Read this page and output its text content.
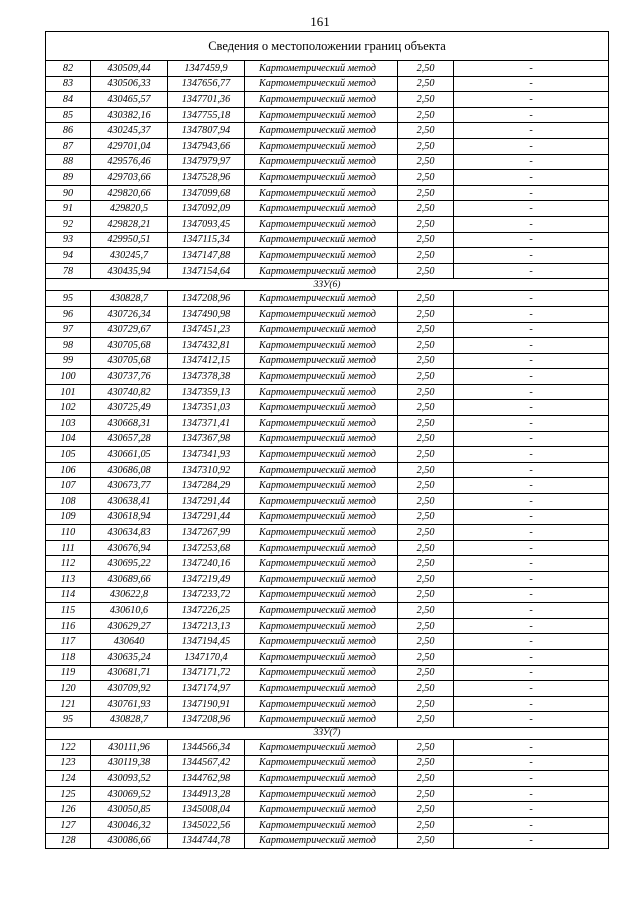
161
Сведения о местоположении границ объекта					
82	430509,44	1347459,9	Картометрический метод	2,50	-
83	430506,33	1347656,77	Картометрический метод	2,50	-
84	430465,57	1347701,36	Картометрический метод	2,50	-
85	430382,16	1347755,18	Картометрический метод	2,50	-
86	430245,37	1347807,94	Картометрический метод	2,50	-
87	429701,04	1347943,66	Картометрический метод	2,50	-
88	429576,46	1347979,97	Картометрический метод	2,50	-
89	429703,66	1347528,96	Картометрический метод	2,50	-
90	429820,66	1347099,68	Картометрический метод	2,50	-
91	429820,5	1347092,09	Картометрический метод	2,50	-
92	429828,21	1347093,45	Картометрический метод	2,50	-
93	429950,51	1347115,34	Картометрический метод	2,50	-
94	430245,7	1347147,88	Картометрический метод	2,50	-
78	430435,94	1347154,64	Картометрический метод	2,50	-
3ЗУ(6)					
95	430828,7	1347208,96	Картометрический метод	2,50	-
96	430726,34	1347490,98	Картометрический метод	2,50	-
97	430729,67	1347451,23	Картометрический метод	2,50	-
98	430705,68	1347432,81	Картометрический метод	2,50	-
99	430705,68	1347412,15	Картометрический метод	2,50	-
100	430737,76	1347378,38	Картометрический метод	2,50	-
101	430740,82	1347359,13	Картометрический метод	2,50	-
102	430725,49	1347351,03	Картометрический метод	2,50	-
103	430668,31	1347371,41	Картометрический метод	2,50	-
104	430657,28	1347367,98	Картометрический метод	2,50	-
105	430661,05	1347341,93	Картометрический метод	2,50	-
106	430686,08	1347310,92	Картометрический метод	2,50	-
107	430673,77	1347284,29	Картометрический метод	2,50	-
108	430638,41	1347291,44	Картометрический метод	2,50	-
109	430618,94	1347291,44	Картометрический метод	2,50	-
110	430634,83	1347267,99	Картометрический метод	2,50	-
111	430676,94	1347253,68	Картометрический метод	2,50	-
112	430695,22	1347240,16	Картометрический метод	2,50	-
113	430689,66	1347219,49	Картометрический метод	2,50	-
114	430622,8	1347233,72	Картометрический метод	2,50	-
115	430610,6	1347226,25	Картометрический метод	2,50	-
116	430629,27	1347213,13	Картометрический метод	2,50	-
117	430640	1347194,45	Картометрический метод	2,50	-
118	430635,24	1347170,4	Картометрический метод	2,50	-
119	430681,71	1347171,72	Картометрический метод	2,50	-
120	430709,92	1347174,97	Картометрический метод	2,50	-
121	430761,93	1347190,91	Картометрический метод	2,50	-
95	430828,7	1347208,96	Картометрический метод	2,50	-
3ЗУ(7)					
122	430111,96	1344566,34	Картометрический метод	2,50	-
123	430119,38	1344567,42	Картометрический метод	2,50	-
124	430093,52	1344762,98	Картометрический метод	2,50	-
125	430069,52	1344913,28	Картометрический метод	2,50	-
126	430050,85	1345008,04	Картометрический метод	2,50	-
127	430046,32	1345022,56	Картометрический метод	2,50	-
128	430086,66	1344744,78	Картометрический метод	2,50	-
